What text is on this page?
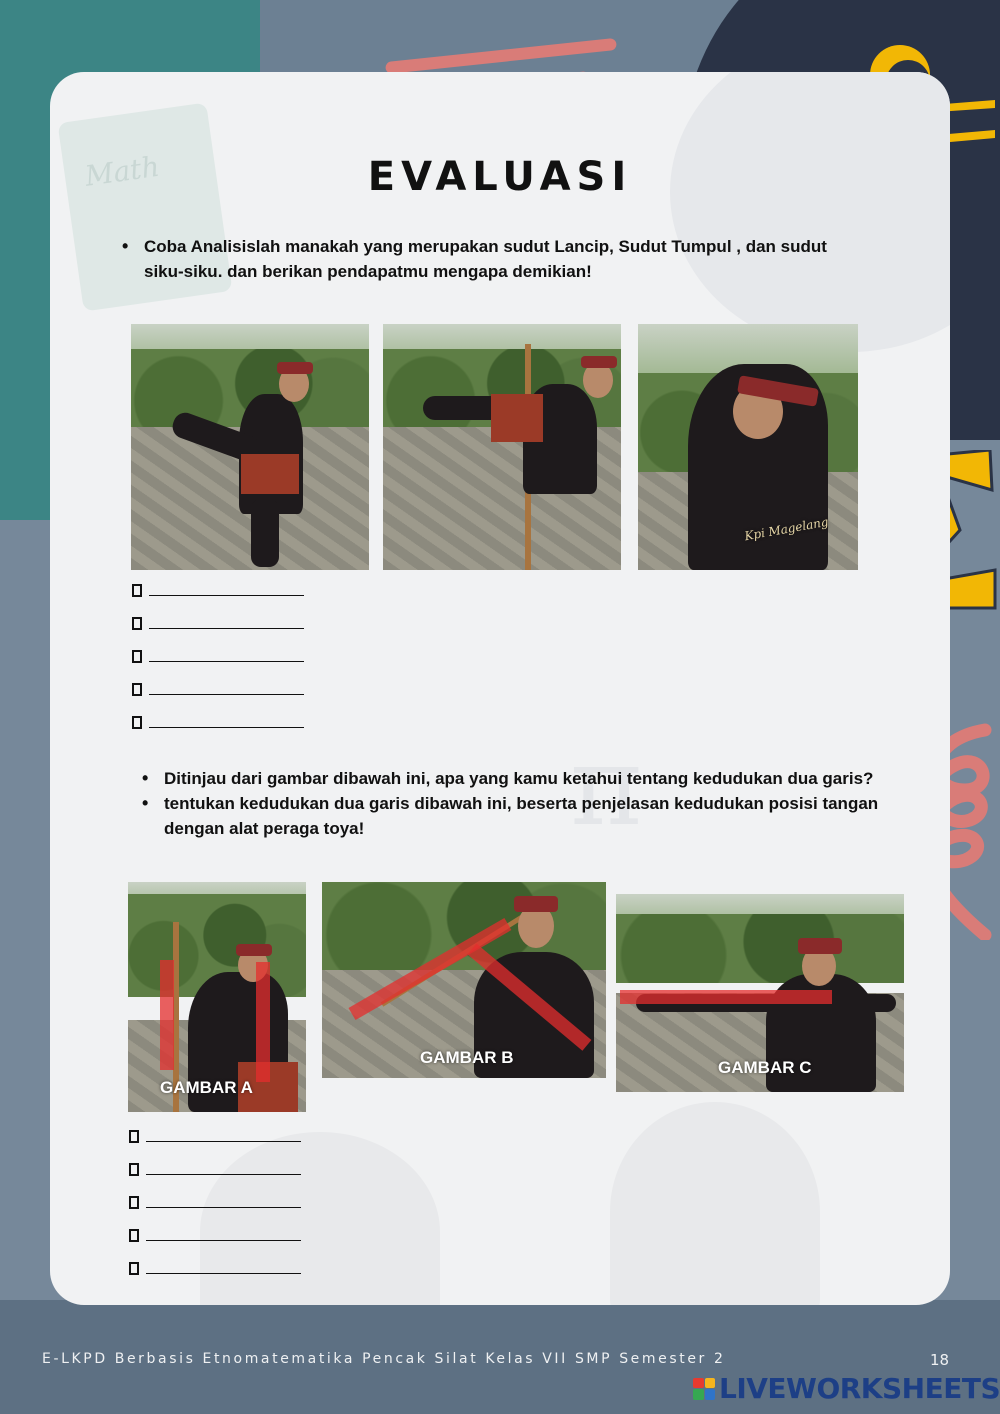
Math
π
EVALUASI
• Coba Analisislah manakah yang merupakan sudut Lancip, Sudut Tumpul , dan sudut siku-siku. dan berikan pendapatmu mengapa demikian!
Kpi Magelang
• Ditinjau dari gambar dibawah ini, apa yang kamu ketahui tentang kedudukan dua garis?
• tentukan kedudukan dua garis dibawah ini, beserta penjelasan kedudukan posisi tangan dengan alat peraga toya!
GAMBAR A
GAMBAR B
GAMBAR C
E-LKPD Berbasis Etnomatematika Pencak Silat Kelas VII SMP Semester 2	18
LIVEWORKSHEETS
